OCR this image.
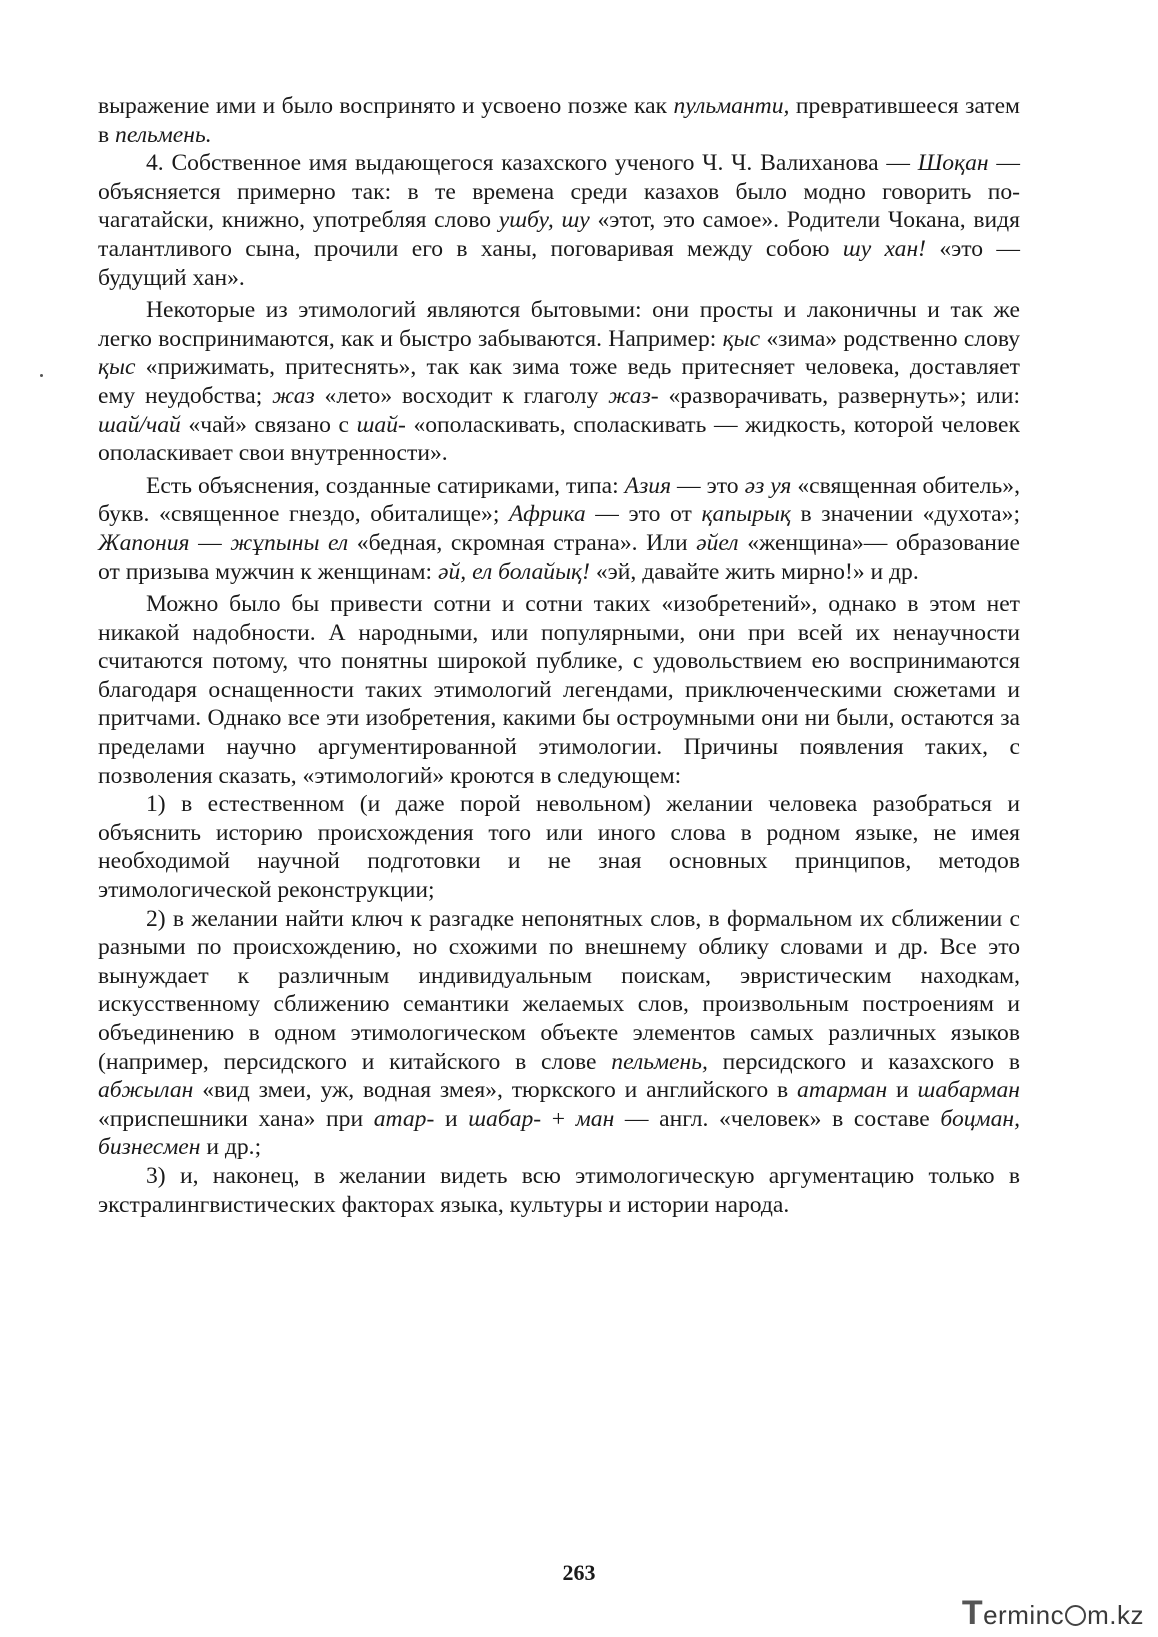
выражение ими и было воспринято и усвоено позже как пульманти, превратившееся затем в пельмень.

4. Собственное имя выдающегося казахского ученого Ч. Ч. Валиханова — Шоқан — объясняется примерно так: в те времена среди казахов было модно говорить по-чагатайски, книжно, употребляя слово ушбу, шу «этот, это самое». Родители Чокана, видя талантливого сына, прочили его в ханы, поговаривая между собою шу хан! «это — будущий хан».

Некоторые из этимологий являются бытовыми: они просты и лаконичны и так же легко воспринимаются, как и быстро забываются. Например: қыс «зима» родственно слову қыс «прижимать, притеснять», так как зима тоже ведь притесняет человека, доставляет ему неудобства; жаз «лето» восходит к глаголу жаз- «разворачивать, развернуть»; или: шай/чай «чай» связано с шай- «ополаскивать, споласкивать — жидкость, которой человек ополаскивает свои внутренности».

Есть объяснения, созданные сатириками, типа: Азия — это әз уя «священная обитель», букв. «священное гнездо, обиталище»; Африка — это от қапырық в значении «духота»; Жапония — жұпыны ел «бедная, скромная страна». Или әйел «женщина»— образование от призыва мужчин к женщинам: әй, ел болайық! «эй, давайте жить мирно!» и др.

Можно было бы привести сотни и сотни таких «изобретений», однако в этом нет никакой надобности. А народными, или популярными, они при всей их ненаучности считаются потому, что понятны широкой публике, с удовольствием ею воспринимаются благодаря оснащенности таких этимологий легендами, приключенческими сюжетами и притчами. Однако все эти изобретения, какими бы остроумными они ни были, остаются за пределами научно аргументированной этимологии. Причины появления таких, с позволения сказать, «этимологий» кроются в следующем:

1) в естественном (и даже порой невольном) желании человека разобраться и объяснить историю происхождения того или иного слова в родном языке, не имея необходимой научной подготовки и не зная основных принципов, методов этимологической реконструкции;

2) в желании найти ключ к разгадке непонятных слов, в формальном их сближении с разными по происхождению, но схожими по внешнему облику словами и др. Все это вынуждает к различным индивидуальным поискам, эвристическим находкам, искусственному сближению семантики желаемых слов, произвольным построениям и объединению в одном этимологическом объекте элементов самых различных языков (например, персидского и китайского в слове пельмень, персидского и казахского в абжылан «вид змеи, уж, водная змея», тюркского и английского в атарман и шабарман «приспешники хана» при атар- и шабар- + ман — англ. «человек» в составе боцман, бизнесмен и др.;

3) и, наконец, в желании видеть всю этимологическую аргументацию только в экстралингвистических факторах языка, культуры и истории народа.

263
Terminc m.kz
